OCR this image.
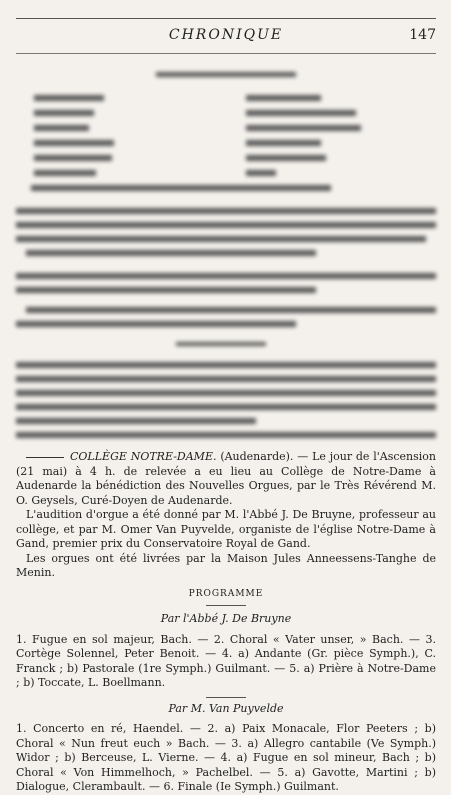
CHRONIQUE	147

COLLÈGE NOTRE-DAME. (Audenarde). — Le jour de l'Ascension (21 mai) à 4 h. de relevée a eu lieu au Collège de Notre-Dame à Audenarde la bénédiction des Nouvelles Orgues, par le Très Révérend M. O. Geysels, Curé-Doyen de Audenarde.

L'audition d'orgue a été donné par M. l'Abbé J. De Bruyne, professeur au collège, et par M. Omer Van Puyvelde, organiste de l'église Notre-Dame à Gand, premier prix du Conservatoire Royal de Gand.

Les orgues ont été livrées par la Maison Jules Anneessens-Tanghe de Menin.

PROGRAMME
Par l'Abbé J. De Bruyne

1. Fugue en sol majeur, Bach. — 2. Choral « Vater unser, » Bach. — 3. Cortège Solennel, Peter Benoit. — 4. a) Andante (Gr. pièce Symph.), C. Franck ; b) Pastorale (1re Symph.) Guilmant. — 5. a) Prière à Notre-Dame ; b) Toccate, L. Boellmann.

Par M. Van Puyvelde

1. Concerto en ré, Haendel. — 2. a) Paix Monacale, Flor Peeters ; b) Choral « Nun freut euch » Bach. — 3. a) Allegro cantabile (Ve Symph.) Widor ; b) Berceuse, L. Vierne. — 4. a) Fugue en sol mineur, Bach ; b) Choral « Von Himmelhoch, » Pachelbel. — 5. a) Gavotte, Martini ; b) Dialogue, Clerambault. — 6. Finale (Ie Symph.) Guilmant.
